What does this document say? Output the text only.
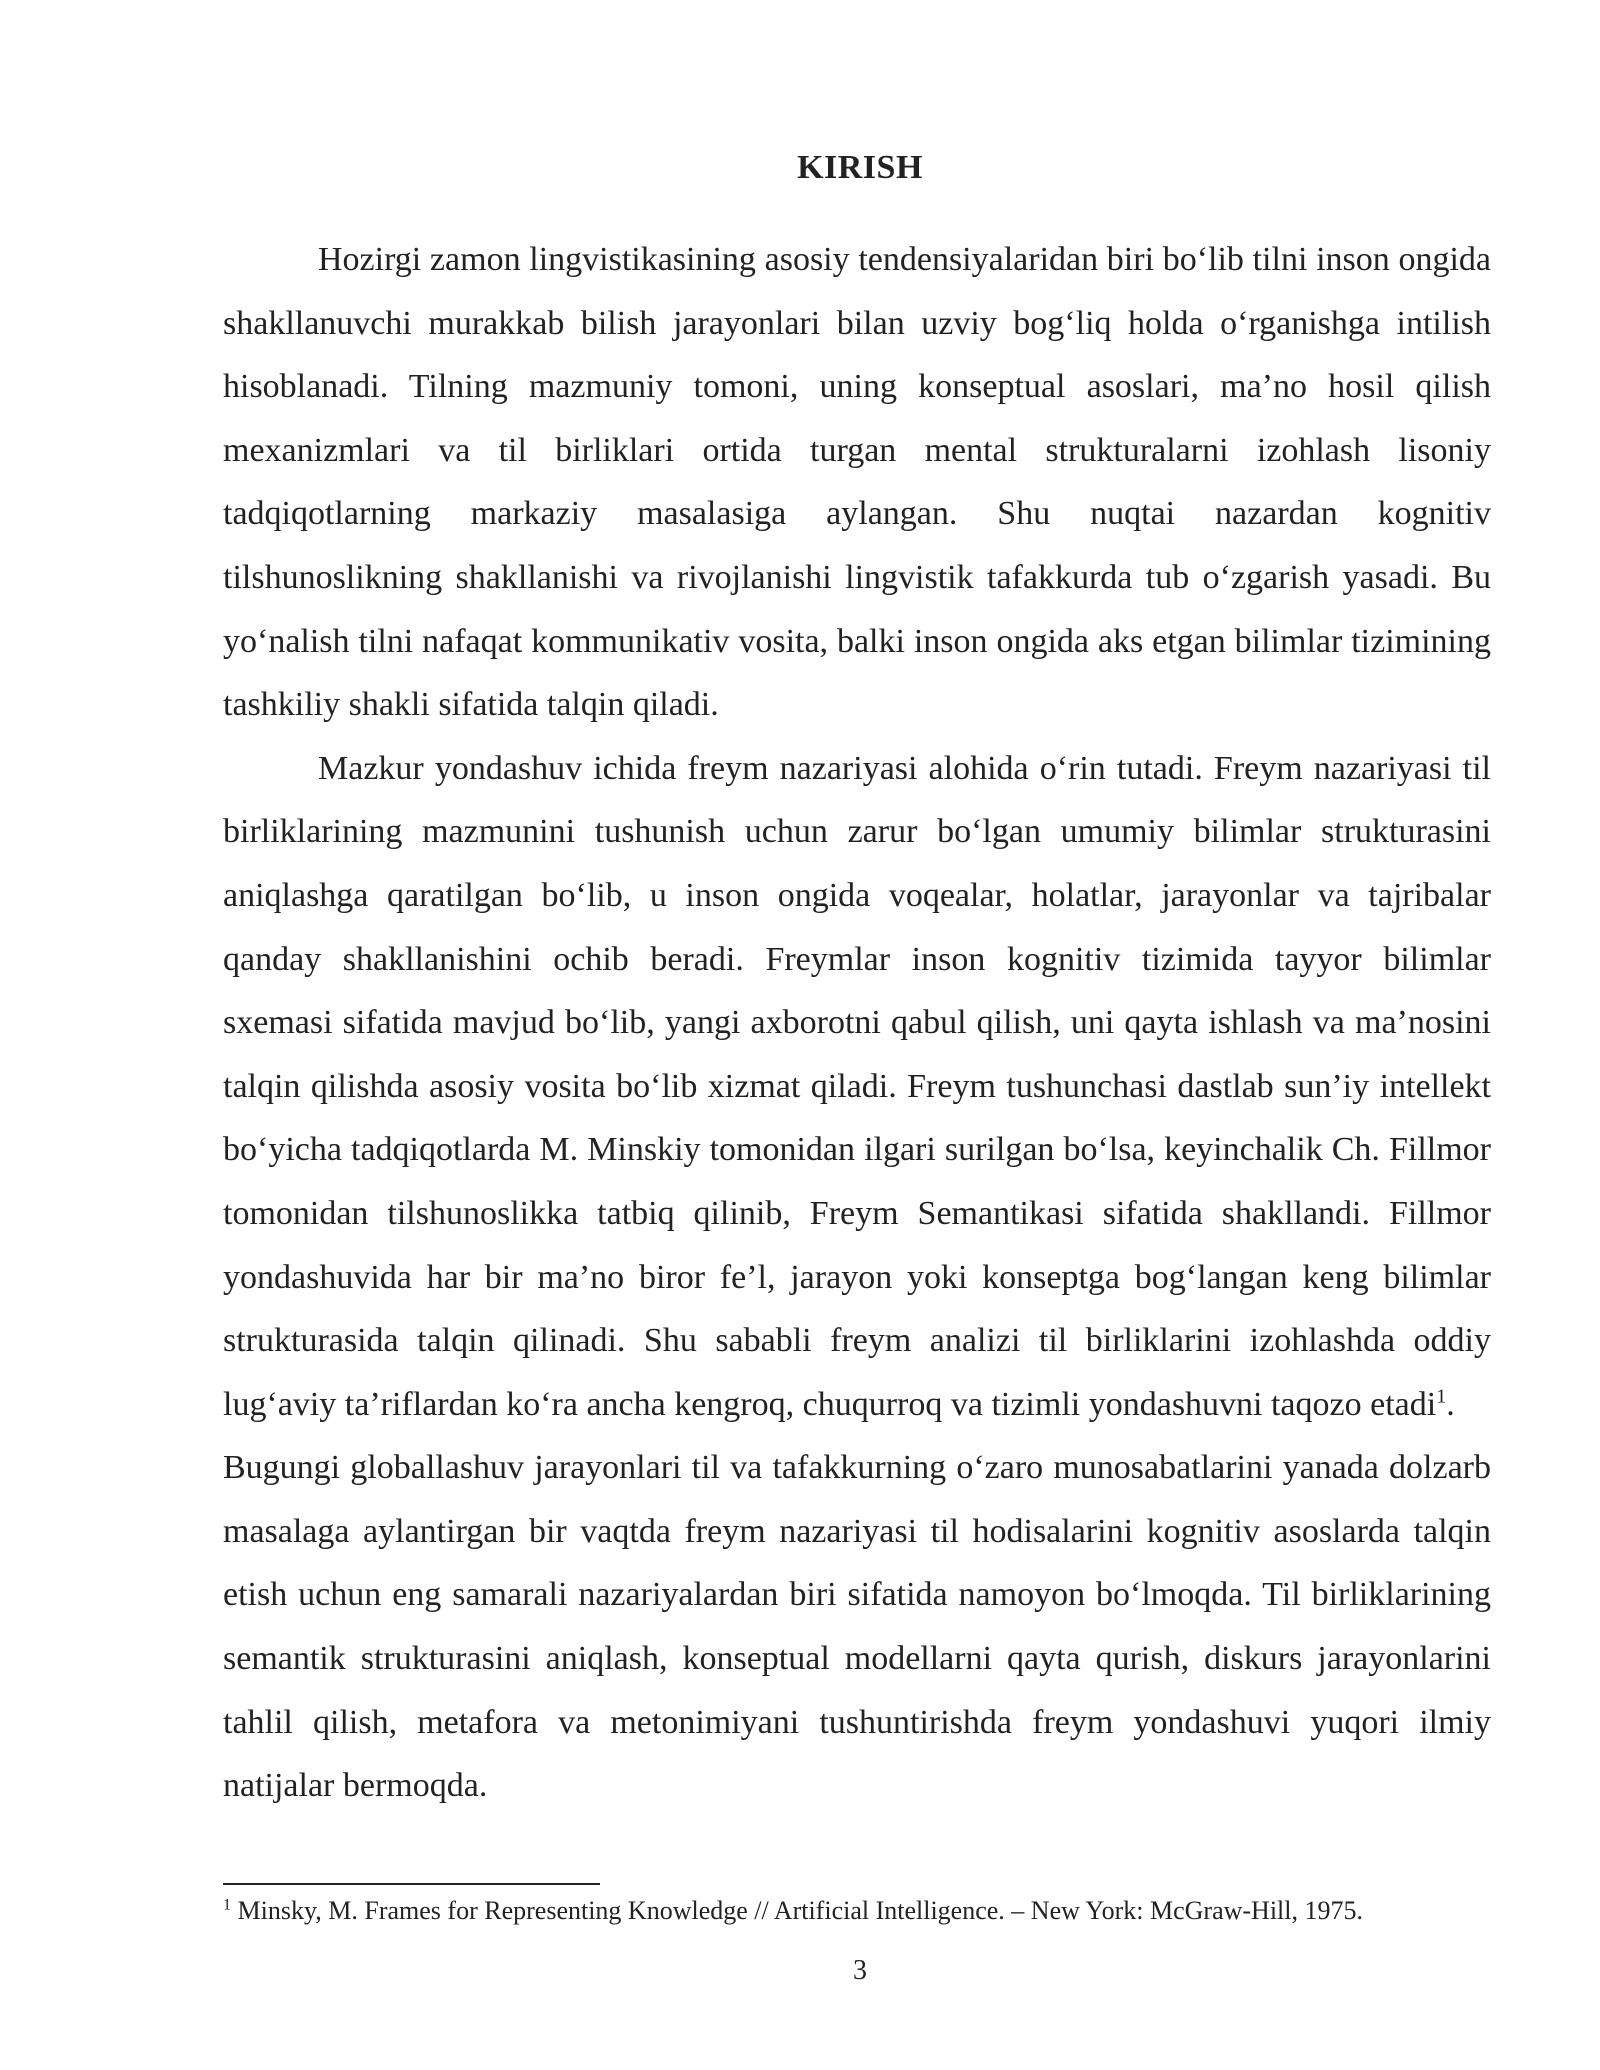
KIRISH

Hozirgi zamon lingvistikasining asosiy tendensiyalaridan biri bo‘lib tilni inson ongida shakllanuvchi murakkab bilish jarayonlari bilan uzviy bog‘liq holda o‘rganishga intilish hisoblanadi. Tilning mazmuniy tomoni, uning konseptual asoslari, ma’no hosil qilish mexanizmlari va til birliklari ortida turgan mental strukturalarni izohlash lisoniy tadqiqotlarning markaziy masalasiga aylangan. Shu nuqtai nazardan kognitiv tilshunoslikning shakllanishi va rivojlanishi lingvistik tafakkurda tub o‘zgarish yasadi. Bu yo‘nalish tilni nafaqat kommunikativ vosita, balki inson ongida aks etgan bilimlar tizimining tashkiliy shakli sifatida talqin qiladi.

Mazkur yondashuv ichida freym nazariyasi alohida o‘rin tutadi. Freym nazariyasi til birliklarining mazmunini tushunish uchun zarur bo‘lgan umumiy bilimlar strukturasini aniqlashga qaratilgan bo‘lib, u inson ongida voqealar, holatlar, jarayonlar va tajribalar qanday shakllanishini ochib beradi. Freymlar inson kognitiv tizimida tayyor bilimlar sxemasi sifatida mavjud bo‘lib, yangi axborotni qabul qilish, uni qayta ishlash va ma’nosini talqin qilishda asosiy vosita bo‘lib xizmat qiladi. Freym tushunchasi dastlab sun’iy intellekt bo‘yicha tadqiqotlarda M. Minskiy tomonidan ilgari surilgan bo‘lsa, keyinchalik Ch. Fillmor tomonidan tilshunoslikka tatbiq qilinib, Freym Semantikasi sifatida shakllandi. Fillmor yondashuvida har bir ma’no biror fe’l, jarayon yoki konseptga bog‘langan keng bilimlar strukturasida talqin qilinadi. Shu sababli freym analizi til birliklarini izohlashda oddiy lug‘aviy ta’riflardan ko‘ra ancha kengroq, chuqurroq va tizimli yondashuvni taqozo etadi$^1$.

Bugungi globallashuv jarayonlari til va tafakkurning o‘zaro munosabatlarini yanada dolzarb masalaga aylantirgan bir vaqtda freym nazariyasi til hodisalarini kognitiv asoslarda talqin etish uchun eng samarali nazariyalardan biri sifatida namoyon bo‘lmoqda. Til birliklarining semantik strukturasini aniqlash, konseptual modellarni qayta qurish, diskurs jarayonlarini tahlil qilish, metafora va metonimiyani tushuntirishda freym yondashuvi yuqori ilmiy natijalar bermoqda.

$^1$ Minsky, M. Frames for Representing Knowledge // Artificial Intelligence. – New York: McGraw-Hill, 1975.
3
